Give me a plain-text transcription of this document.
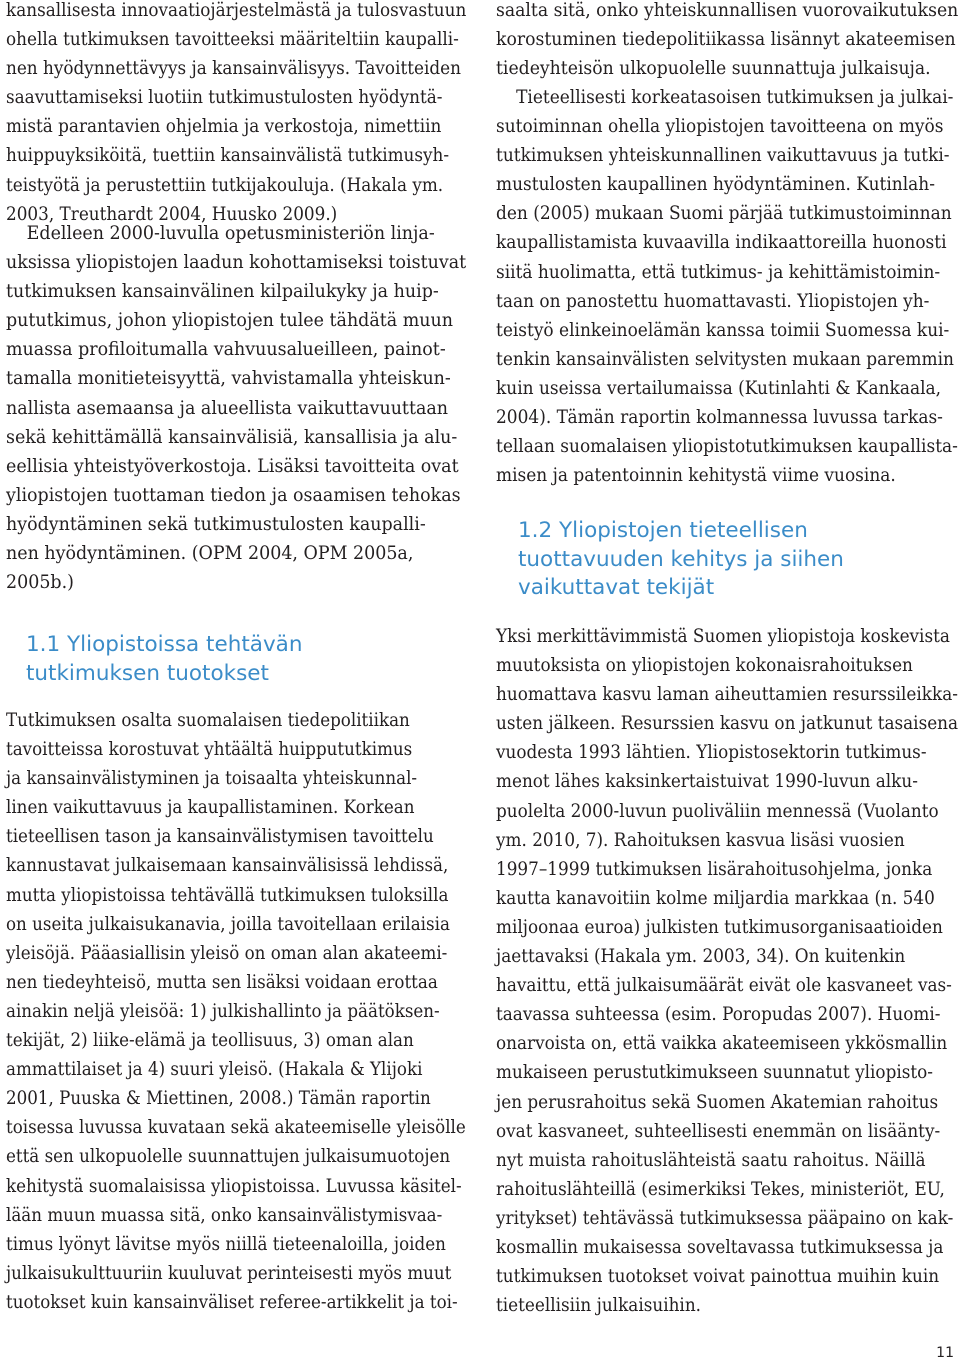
kansallisesta innovaatiojärjestelmästä ja tulosvastuun
ohella tutkimuksen tavoitteeksi määriteltiin kaupalli-
nen hyödynnettävyys ja kansainvälisyys. Tavoitteiden
saavuttamiseksi luotiin tutkimustulosten hyödyntä-
mistä parantavien ohjelmia ja verkostoja, nimettiin
huippuyksiköitä, tuettiin kansainvälistä tutkimusyh-
teistyötä ja perustettiin tutkijakouluja. (Hakala ym.
2003, Treuthardt 2004, Huusko 2009.)
Edelleen 2000-luvulla opetusministeriön linja-
uksissa yliopistojen laadun kohottamiseksi toistuvat
tutkimuksen kansainvälinen kilpailukyky ja huip-
pututkimus, johon yliopistojen tulee tähdätä muun
muassa profiloitumalla vahvuusalueilleen, painot-
tamalla monitieteisyyttä, vahvistamalla yhteiskun-
nallista asemaansa ja alueellista vaikuttavuuttaan
sekä kehittämällä kansainvälisiä, kansallisia ja alu-
eellisia yhteistyöverkostoja. Lisäksi tavoitteita ovat
yliopistojen tuottaman tiedon ja osaamisen tehokas
hyödyntäminen sekä tutkimustulosten kaupalli-
nen hyödyntäminen. (OPM 2004, OPM 2005a,
2005b.)
Tutkimuksen osalta suomalaisen tiedepolitiikan
tavoitteissa korostuvat yhtäältä huippututkimus
ja kansainvälistyminen ja toisaalta yhteiskunnal-
linen vaikuttavuus ja kaupallistaminen. Korkean
tieteellisen tason ja kansainvälistymisen tavoittelu
kannustavat julkaisemaan kansainvälisissä lehdissä,
mutta yliopistoissa tehtävällä tutkimuksen tuloksilla
on useita julkaisukanavia, joilla tavoitellaan erilaisia
yleisöjä. Pääasiallisin yleisö on oman alan akateemi-
nen tiedeyhteisö, mutta sen lisäksi voidaan erottaa
ainakin neljä yleisöä: 1) julkishallinto ja päätöksen-
tekijät, 2) liike-elämä ja teollisuus, 3) oman alan
ammattilaiset ja 4) suuri yleisö. (Hakala & Ylijoki
2001, Puuska & Miettinen, 2008.) Tämän raportin
toisessa luvussa kuvataan sekä akateemiselle yleisölle
että sen ulkopuolelle suunnattujen julkaisumuotojen
kehitystä suomalaisissa yliopistoissa. Luvussa käsitel-
lään muun muassa sitä, onko kansainvälistymisvaa-
timus lyönyt lävitse myös niillä tieteenaloilla, joiden
julkaisukulttuuriin kuuluvat perinteisesti myös muut
tuotokset kuin kansainväliset referee-artikkelit ja toi-
1.1 Yliopistoissa tehtävän
tutkimuksen tuotokset
saalta sitä, onko yhteiskunnallisen vuorovaikutuksen
korostuminen tiedepolitiikassa lisännyt akateemisen
tiedeyhteisön ulkopuolelle suunnattuja julkaisuja.
Tieteellisesti korkeatasoisen tutkimuksen ja julkai-
sutoiminnan ohella yliopistojen tavoitteena on myös
tutkimuksen yhteiskunnallinen vaikuttavuus ja tutki-
mustulosten kaupallinen hyödyntäminen. Kutinlah-
den (2005) mukaan Suomi pärjää tutkimustoiminnan
kaupallistamista kuvaavilla indikaattoreilla huonosti
siitä huolimatta, että tutkimus- ja kehittämistoimin-
taan on panostettu huomattavasti. Yliopistojen yh-
teistyö elinkeinoelämän kanssa toimii Suomessa kui-
tenkin kansainvälisten selvitysten mukaan paremmin
kuin useissa vertailumaissa (Kutinlahti & Kankaala,
2004). Tämän raportin kolmannessa luvussa tarkas-
tellaan suomalaisen yliopistotutkimuksen kaupallista-
misen ja patentoinnin kehitystä viime vuosina.
Yksi merkittävimmistä Suomen yliopistoja koskevista
muutoksista on yliopistojen kokonaisrahoituksen
huomattava kasvu laman aiheuttamien resurssileikka-
usten jälkeen. Resurssien kasvu on jatkunut tasaisena
vuodesta 1993 lähtien. Yliopistosektorin tutkimus-
menot lähes kaksinkertaistuivat 1990-luvun alku-
puolelta 2000-luvun puoliväliin mennessä (Vuolanto
ym. 2010, 7). Rahoituksen kasvua lisäsi vuosien
1997–1999 tutkimuksen lisärahoitusohjelma, jonka
kautta kanavoitiin kolme miljardia markkaa (n. 540
miljoonaa euroa) julkisten tutkimusorganisaatioiden
jaettavaksi (Hakala ym. 2003, 34). On kuitenkin
havaittu, että julkaisumäärät eivät ole kasvaneet vas-
taavassa suhteessa (esim. Poropudas 2007). Huomi-
onarvoista on, että vaikka akateemiseen ykkösmallin
mukaiseen perustutkimukseen suunnatut yliopisto-
jen perusrahoitus sekä Suomen Akatemian rahoitus
ovat kasvaneet, suhteellisesti enemmän on lisäänty-
nyt muista rahoituslähteistä saatu rahoitus. Näillä
rahoituslähteillä (esimerkiksi Tekes, ministeriöt, EU,
yritykset) tehtävässä tutkimuksessa pääpaino on kak-
kosmallin mukaisessa soveltavassa tutkimuksessa ja
tutkimuksen tuotokset voivat painottua muihin kuin
tieteellisiin julkaisuihin.
1.2 Yliopistojen tieteellisen
tuottavuuden kehitys ja siihen
vaikuttavat tekijät
11
